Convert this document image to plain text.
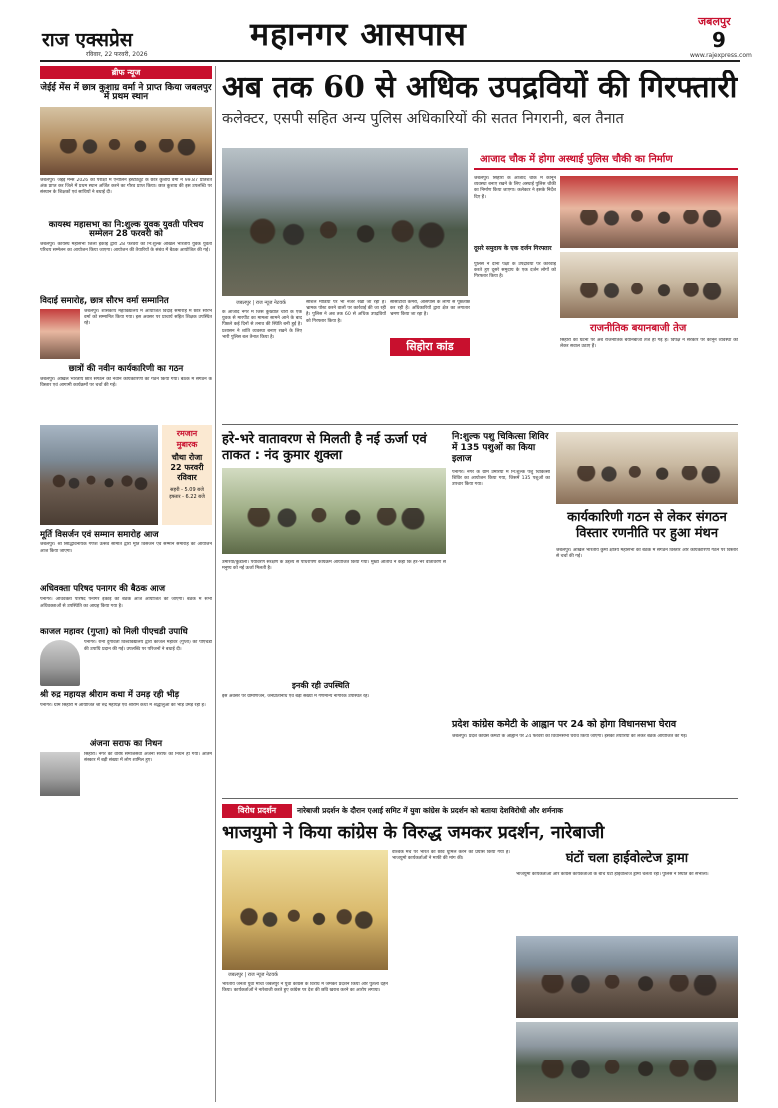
राज एक्सप्रेस
रविवार, 22 फरवरी, 2026
महानगर आसपास	जबलपुर
9
www.rajexpress.com
ब्रीफ न्यूज
जेईई मेंस में छात्र कुशाग्र वर्मा ने प्राप्त किया जबलपुर में प्रथम स्थान
जबलपुर। जेईई मेन्स 2026 की परीक्षा में एनोलिन इंस्टीट्यूट के छात्र कुशाग्र वर्मा ने 99.87 प्रतिशत अंक प्राप्त कर जिले में प्रथम स्थान अर्जित करने का गौरव प्राप्त किया। छात्र कुशाग्र की इस उपलब्धि पर संस्थान के शिक्षकों एवं साथियों ने बधाई दी।
कायस्थ महासभा का नि:शुल्क युवक युवती परिचय सम्मेलन 28 फरवरी को
जबलपुर। कायस्थ महासभा जिला इकाई द्वारा 28 फरवरी को नि:शुल्क अखिल भारतीय युवक युवती परिचय सम्मेलन का आयोजन किया जाएगा। आयोजन की तैयारियों के संबंध में बैठक आयोजित की गई।
विदाई समारोह, छात्र सौरभ वर्मा सम्मानित
जबलपुर। शासकीय महाविद्यालय में आयोजित विदाई समारोह में छात्र सौरभ वर्मा को सम्मानित किया गया। इस अवसर पर प्राचार्य सहित शिक्षक उपस्थित रहे।
छात्रों की नवीन कार्यकारिणी का गठन
जबलपुर। अखिल भारतीय छात्र संगठन की नवीन कार्यकारिणी का गठन किया गया। बैठक में संगठन के विस्तार एवं आगामी कार्यक्रमों पर चर्चा की गई।
रमजान मुबारक
चौथा रोजा 22 फरवरी रविवार
सहरी - 5.09 बजे इफ्तार - 6.22 बजे
मूर्ति विसर्जन एवं सम्मान समारोह आज
जबलपुर। श्री सिद्धिविनायक गणेश उत्सव समिति द्वारा मूर्ति विसर्जन एवं सम्मान समारोह का आयोजन आज किया जाएगा।
अधिवक्ता परिषद पनागर की बैठक आज
पनागर। अधिवक्ता परिषद पनागर इकाई की बैठक आज आयोजित की जाएगी। बैठक में सभी अधिवक्ताओं से उपस्थिति का आग्रह किया गया है।
काजल महावर (गुप्ता) को मिली पीएचडी उपाधि
पनागर। रानी दुर्गावती विश्वविद्यालय द्वारा काजल महावर (गुप्ता) को पीएचडी की उपाधि प्रदान की गई। उपलब्धि पर परिजनों ने बधाई दी।
श्री रुद्र महायज्ञ श्रीराम कथा में उमड़ रही भीड़
पनागर। ग्राम सिहोरी में आयोजित श्री रुद्र महायज्ञ एवं श्रीराम कथा में श्रद्धालुओं की भीड़ उमड़ रही है।
अंजना सराफ का निधन
सिहोरा। नगर की वरिष्ठ समाजसेवी अंजना सराफ का निधन हो गया। अंतिम संस्कार में बड़ी संख्या में लोग शामिल हुए।
अब तक 60 से अधिक उपद्रवियों की गिरफ्तारी
कलेक्टर, एसपी सहित अन्य पुलिस अधिकारियों की सतत निगरानी, बल तैनात
आजाद चौक में होगा अस्थाई पुलिस चौकी का निर्माण
जबलपुर। सिहोरा के आजाद चौक में कानून व्यवस्था बनाए रखने के लिए अस्थाई पुलिस चौकी का निर्माण किया जाएगा। कलेक्टर ने इसके निर्देश दिए हैं।
दूसरे समुदाय के एक दर्जन गिरफ्तार
पुलिस ने दोनों पक्षों के उपद्रवियों पर कार्रवाई करते हुए दूसरे समुदाय के एक दर्जन लोगों को गिरफ्तार किया है।
जबलपुर | राज न्यूज नेटवर्क
के आजाद नगर में जिस कुख्यात चोरी के एक युवक से मारपीट का मामला सामने आने के बाद पिछले कई दिनों से तनाव की स्थिति बनी हुई है। प्रशासन ने शांति व्यवस्था बनाए रखने के लिए भारी पुलिस बल तैनात किया है।
सोशल मीडिया पर भी नजर रखी जा रही है। भ्रामक पोस्ट करने वालों पर कार्रवाई की जा रही है। पुलिस ने अब तक 60 से अधिक उपद्रवियों को गिरफ्तार किया है।
सिहोरा कांड
सीसीटीवी कैमरों, आसपास के लोगों से पूछताछ कर रही है। अधिकारियों द्वारा क्षेत्र का लगातार भ्रमण किया जा रहा है।
राजनीतिक बयानबाजी तेज
सिहोरा की घटना पर अब राजनीतिक बयानबाजी तेज हो गई है। विपक्ष ने सरकार पर कानून व्यवस्था को लेकर सवाल उठाए हैं।
हरे-भरे वातावरण से मिलती है नई ऊर्जा एवं ताकत : नंद कुमार शुक्ला
उमरिया/कुंडाली। पर्यावरण संरक्षण के उद्देश्य से पौधरोपण कार्यक्रम आयोजित किया गया। मुख्य अतिथि ने कहा कि हरे-भरे वातावरण से मनुष्य को नई ऊर्जा मिलती है।
इनकी रही उपस्थिति
इस अवसर पर ग्रामीणजन, जनप्रतिनिधि एवं बड़ी संख्या में गणमान्य नागरिक उपस्थित रहे।
नि:शुल्क पशु चिकित्सा शिविर में 135 पशुओं का किया इलाज
पनागर। नगर के ग्राम उमरिया में नि:शुल्क पशु चिकित्सा शिविर का आयोजन किया गया, जिसमें 135 पशुओं का उपचार किया गया।
कार्यकारिणी गठन से लेकर संगठन विस्तार रणनीति पर हुआ मंथन
जबलपुर। अखिल भारतीय कुर्मी क्षत्रिय महासभा की बैठक में संगठन विस्तार और कार्यकारिणी गठन पर विस्तार से चर्चा की गई।
प्रदेश कांग्रेस कमेटी के आह्वान पर 24 को होगा विधानसभा घेराव
जबलपुर। प्रदेश कांग्रेस कमेटी के आह्वान पर 24 फरवरी को विधानसभा घेराव किया जाएगा। इसकी तैयारियों को लेकर बैठक आयोजित की गई।
विरोध प्रदर्शन	नारेबाजी प्रदर्शन के दौरान एआई समिट में युवा कांग्रेस के प्रदर्शन को बताया देशविरोधी और शर्मनाक
भाजयुमो ने किया कांग्रेस के विरुद्ध जमकर प्रदर्शन, नारेबाजी
जबलपुर | राज न्यूज नेटवर्क
भारतीय जनता युवा मोर्चा जबलपुर ने युवा कांग्रेस के विरोध में जमकर प्रदर्शन किया और पुतला दहन किया। कार्यकर्ताओं ने नारेबाजी करते हुए कांग्रेस पर देश की छवि खराब करने का आरोप लगाया।
वैश्विक मंच पर भारत की छवि धूमिल करने का प्रयास किया गया है। भाजयुमो कार्यकर्ताओं ने माफी की मांग की।	घंटों चला हाईवोल्टेज ड्रामा
भाजयुमो कार्यकर्ताओं और कांग्रेस कार्यकर्ताओं के बीच घंटों हाईवोल्टेज ड्रामा चलता रहा। पुलिस ने स्थिति को संभाला।
